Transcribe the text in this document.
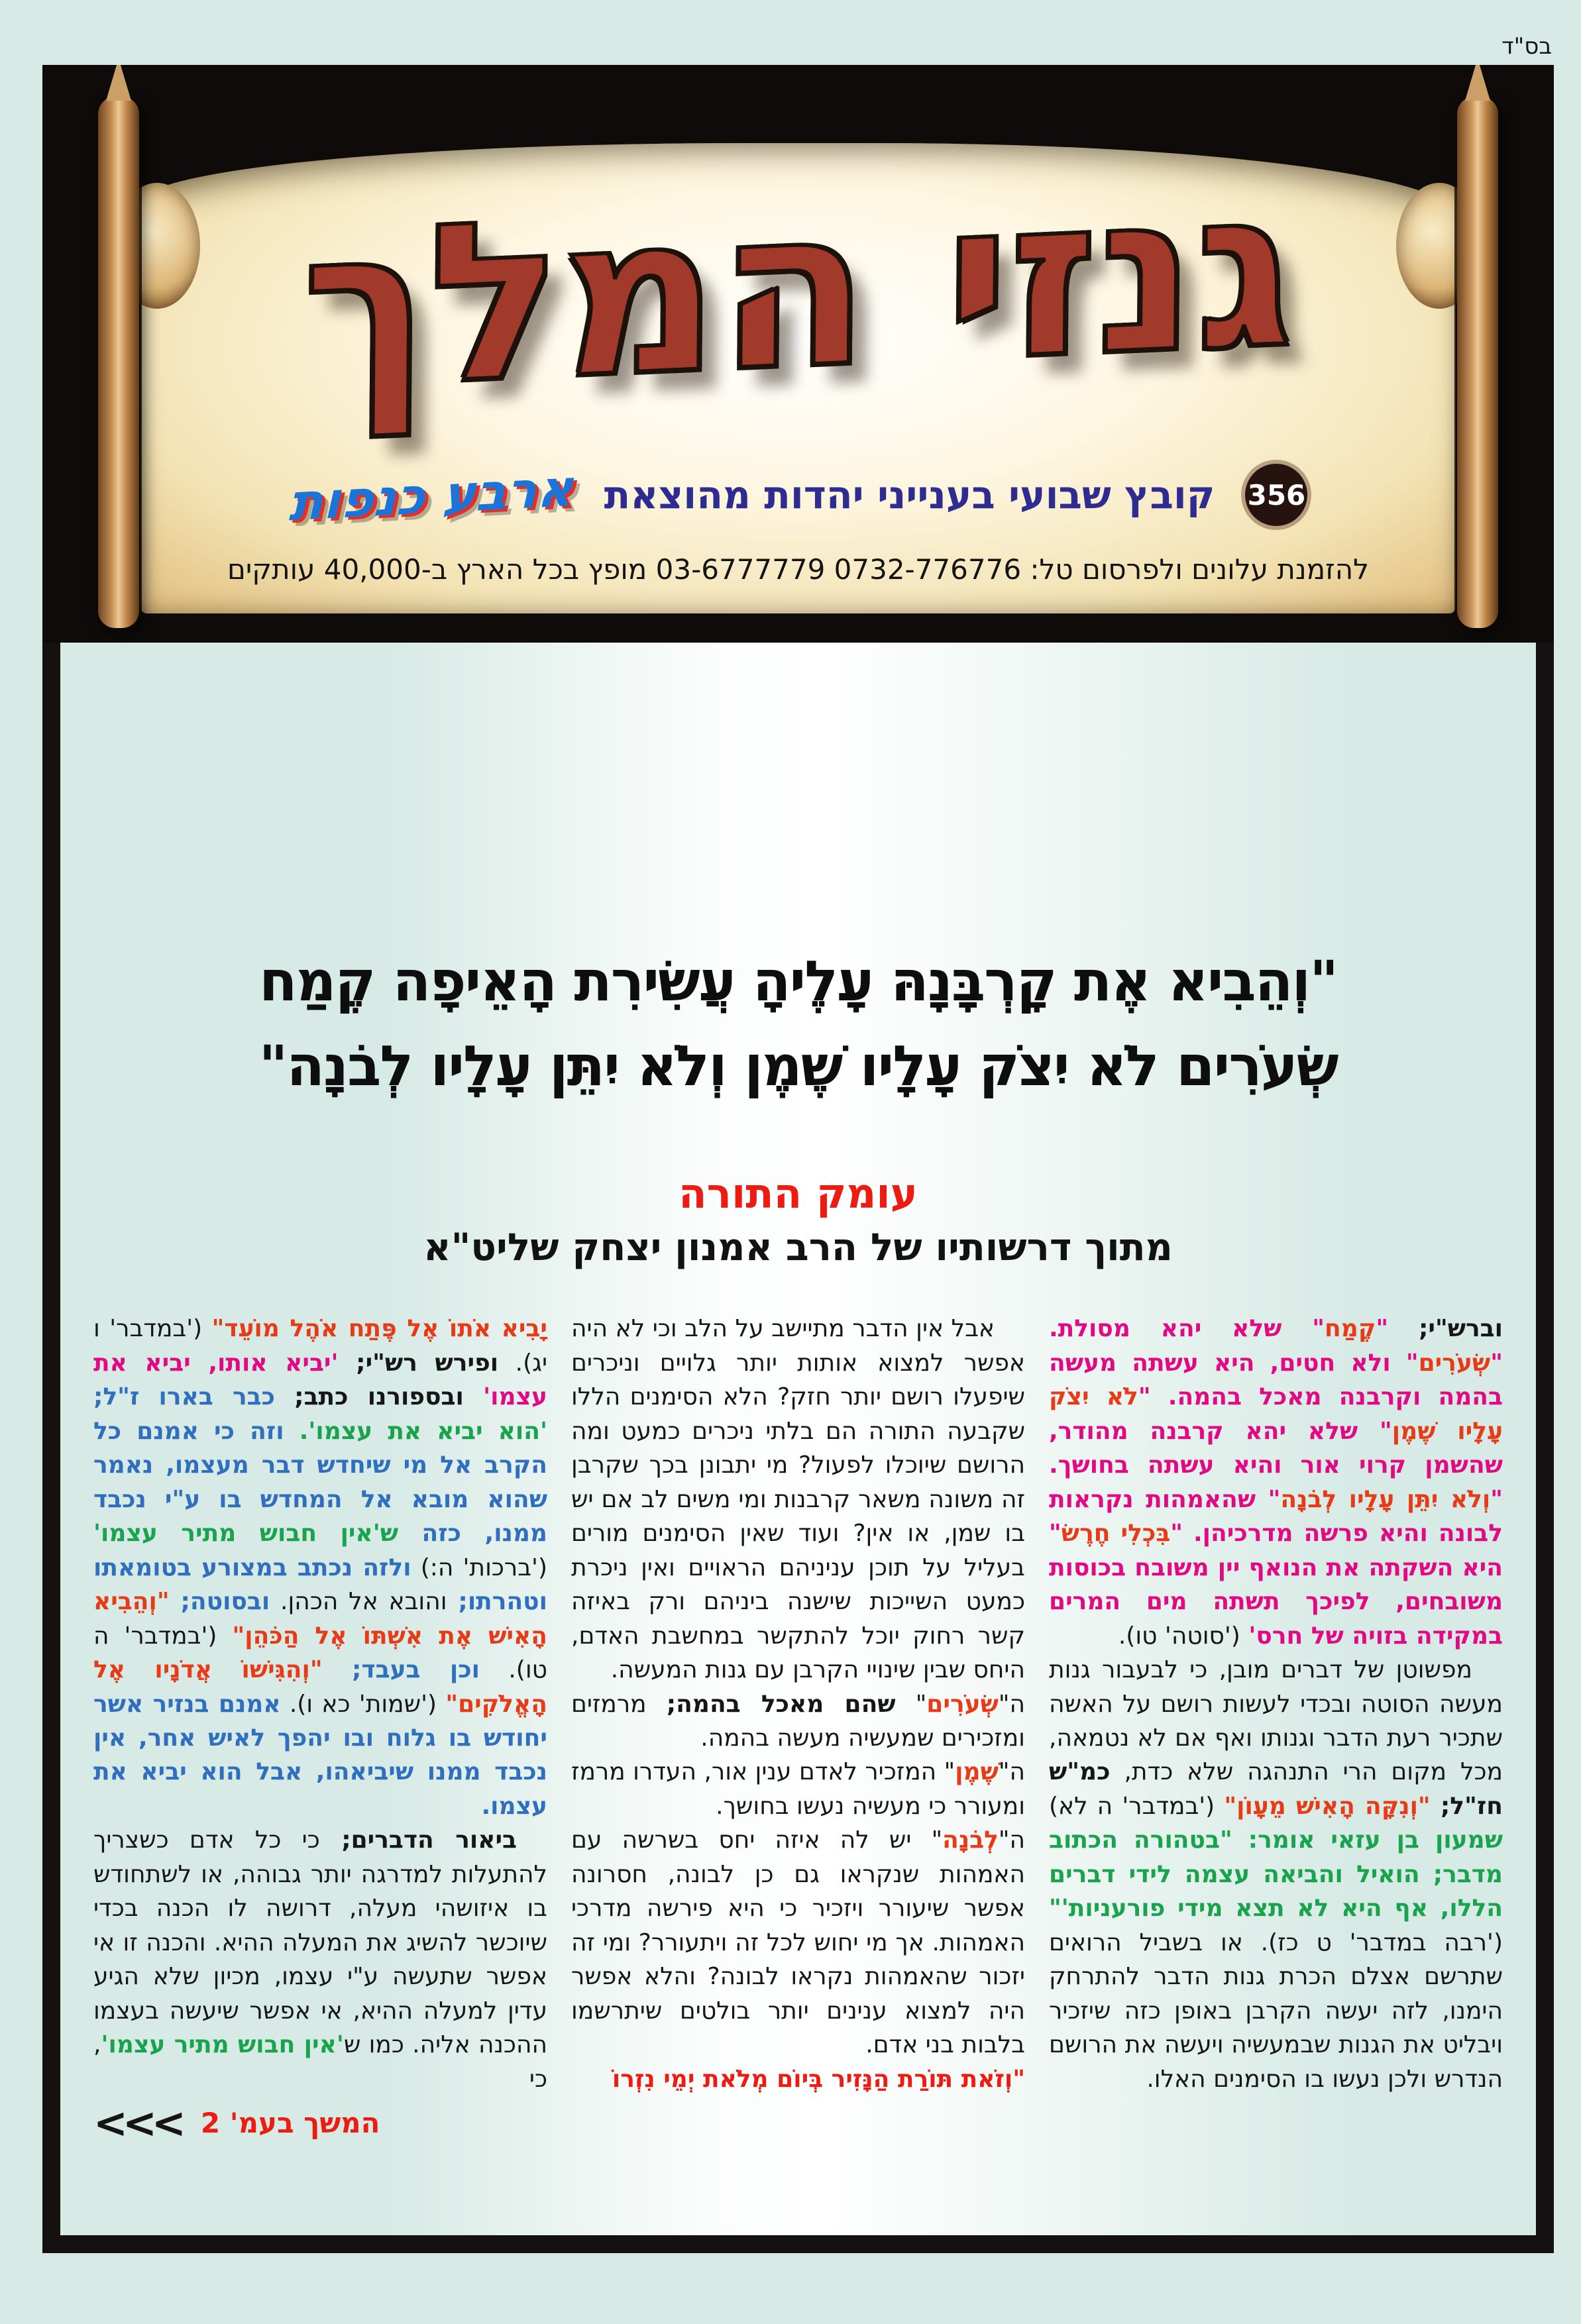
בס"ד
גנזי המלך
356
קובץ שבועי בענייני יהדות מהוצאת
ארבע כנפות
להזמנת עלונים ולפרסום טל: 0732-776776 03-6777779 מופץ בכל הארץ ב-40,000 עותקים
"וְהֵבִיא אֶת קָרְבָּנָהּ עָלֶיהָ עֲשִׂירִת הָאֵיפָה קֶמַח
שְׂעֹרִים לֹא יִצֹק עָלָיו שֶׁמֶן וְלֹא יִתֵּן עָלָיו לְבֹנָה"
עומק התורה
מתוך דרשותיו של הרב אמנון יצחק שליט"א

וברש"י; "קֶמַח" שלא יהא מסולת. "שְׂעֹרִים" ולא חטים, היא עשתה מעשה בהמה וקרבנה מאכל בהמה. "לֹא יִצֹק עָלָיו שֶׁמֶן" שלא יהא קרבנה מהודר, שהשמן קרוי אור והיא עשתה בחושך. "וְלֹא יִתֵּן עָלָיו לְבֹנָה" שהאמהות נקראות לבונה והיא פרשה מדרכיהן. "בִּכְלִי חֶרֶשׂ" היא השקתה את הנואף יין משובח בכוסות משובחים, לפיכך תשתה מים המרים במקידה בזויה של חרס' ('סוטה' טו).

מפשוטן של דברים מובן, כי לבעבור גנות מעשה הסוטה ובכדי לעשות רושם על האשה שתכיר רעת הדבר וגנותו ואף אם לא נטמאה, מכל מקום הרי התנהגה שלא כדת, כמ"ש חז"ל; "וְנִקָּה הָאִישׁ מֵעָוֹן" ('במדבר' ה לא) שמעון בן עזאי אומר: "בטהורה הכתוב מדבר; הואיל והביאה עצמה לידי דברים הללו, אף היא לא תצא מידי פורעניות'" ('רבה במדבר' ט כז). או בשביל הרואים שתרשם אצלם הכרת גנות הדבר להתרחק הימנו, לזה יעשה הקרבן באופן כזה שיזכיר ויבליט את הגנות שבמעשיה ויעשה את הרושם הנדרש ולכן נעשו בו הסימנים האלו.

אבל אין הדבר מתיישב על הלב וכי לא היה אפשר למצוא אותות יותר גלויים וניכרים שיפעלו רושם יותר חזק? הלא הסימנים הללו שקבעה התורה הם בלתי ניכרים כמעט ומה הרושם שיוכלו לפעול? מי יתבונן בכך שקרבן זה משונה משאר קרבנות ומי משים לב אם יש בו שמן, או אין? ועוד שאין הסימנים מורים בעליל על תוכן עניניהם הראויים ואין ניכרת כמעט השייכות שישנה ביניהם ורק באיזה קשר רחוק יוכל להתקשר במחשבת האדם, היחס שבין שינויי הקרבן עם גנות המעשה.

ה"שְׂעֹרִים" שהם מאכל בהמה; מרמזים ומזכירים שמעשיה מעשה בהמה.

ה"שֶׁמֶן" המזכיר לאדם ענין אור, העדרו מרמז ומעורר כי מעשיה נעשו בחושך.

ה"לְבֹנָה" יש לה איזה יחס בשרשה עם האמהות שנקראו גם כן לבונה, חסרונה אפשר שיעורר ויזכיר כי היא פירשה מדרכי האמהות. אך מי יחוש לכל זה ויתעורר? ומי זה יזכור שהאמהות נקראו לבונה? והלא אפשר היה למצוא ענינים יותר בולטים שיתרשמו בלבות בני אדם.

"וְזֹאת תּוֹרַת הַנָּזִיר בְּיוֹם מְלֹאת יְמֵי נִזְרוֹ

יָבִיא אֹתוֹ אֶל פֶּתַח אֹהֶל מוֹעֵד" ('במדבר' ו יג). ופירש רש"י; 'יביא אותו, יביא את עצמו' ובספורנו כתב; כבר בארו ז"ל; 'הוא יביא את עצמו'. וזה כי אמנם כל הקרב אל מי שיחדש דבר מעצמו, נאמר שהוא מובא אל המחדש בו ע"י נכבד ממנו, כזה ש'אין חבוש מתיר עצמו' ('ברכות' ה:) ולזה נכתב במצורע בטומאתו וטהרתו; והובא אל הכהן. ובסוטה; "וְהֵבִיא הָאִישׁ אֶת אִשְׁתּוֹ אֶל הַכֹּהֵן" ('במדבר' ה טו). וכן בעבד; "וְהִגִּישׁוֹ אֲדֹנָיו אֶל הָאֱלֹקִים" ('שמות' כא ו). אמנם בנזיר אשר יחודש בו גלוח ובו יהפך לאיש אחר, אין נכבד ממנו שיביאהו, אבל הוא יביא את עצמו.

ביאור הדברים; כי כל אדם כשצריך להתעלות למדרגה יותר גבוהה, או לשתחודש בו איזושהי מעלה, דרושה לו הכנה בכדי שיוכשר להשיג את המעלה ההיא. והכנה זו אי אפשר שתעשה ע"י עצמו, מכיון שלא הגיע עדין למעלה ההיא, אי אפשר שיעשה בעצמו ההכנה אליה. כמו ש'אין חבוש מתיר עצמו', כי

המשך בעמ' 2
<<<
